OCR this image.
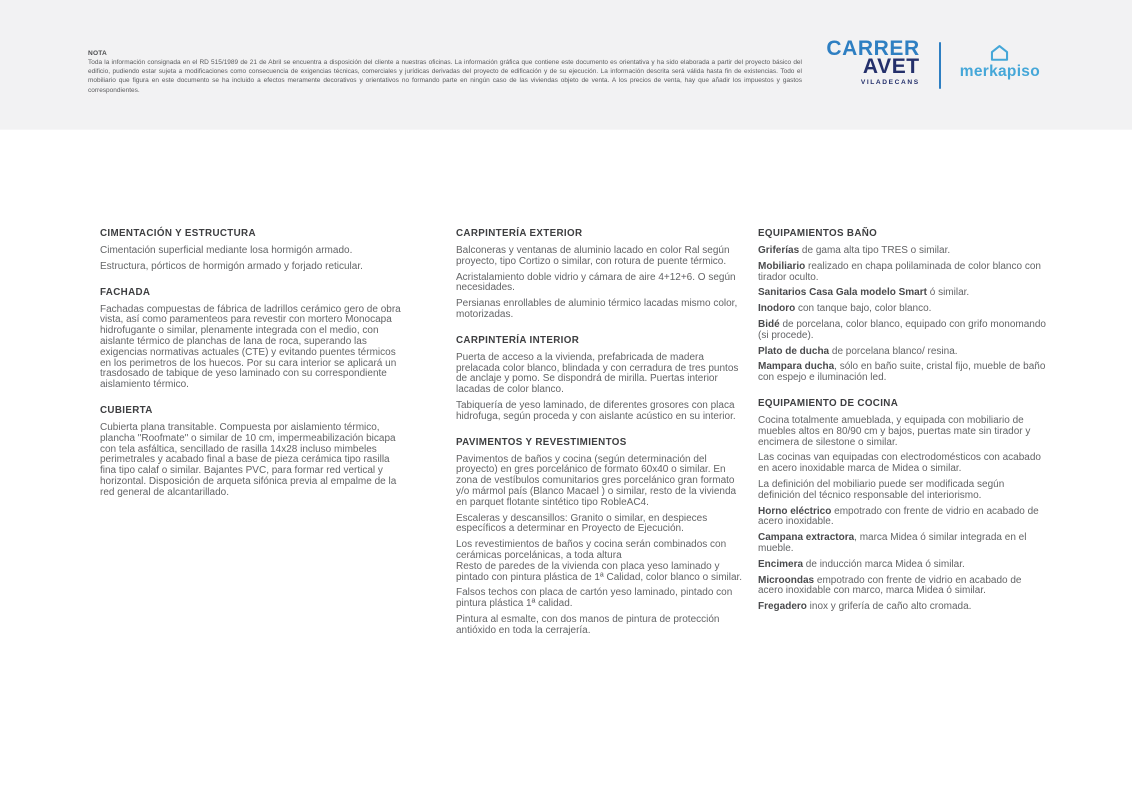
NOTA

Toda la información consignada en el RD 515/1989 de 21 de Abril se encuentra a disposición del cliente a nuestras oficinas. La información gráfica que contiene este documento es orientativa y ha sido elaborada a partir del proyecto básico del edificio, pudiendo estar sujeta a modificaciones como consecuencia de exigencias técnicas, comerciales y jurídicas derivadas del proyecto de edificación y de su ejecución. La información descrita será válida hasta fin de existencias. Todo el mobiliario que figura en este documento se ha incluido a efectos meramente decorativos y orientativos no formando parte en ningún caso de las viviendas objeto de venta. A los precios de venta, hay que añadir los impuestos y gastos correspondientes.

CARRER
AVET
VILADECANS
merkapiso
CIMENTACIÓN Y ESTRUCTURA

Cimentación superficial mediante losa hormigón armado.

Estructura, pórticos de hormigón armado y forjado reticular.

FACHADA

Fachadas compuestas de fábrica de ladrillos cerámico gero de obra vista, así como paramenteos para revestir con mortero Monocapa hidrofugante o similar, plenamente integrada con el medio, con aislante térmico de planchas de lana de roca, superando las exigencias normativas actuales (CTE) y evitando puentes térmicos en los perimetros de los huecos. Por su cara interior se aplicará un trasdosado de tabique de yeso laminado con su correspondiente aislamiento térmico.

CUBIERTA

Cubierta plana transitable. Compuesta por aislamiento térmico, plancha "Roofmate" o similar de 10 cm, impermeabilización bicapa con tela asfáltica, sencillado de rasilla 14x28 incluso mimbeles perimetrales y acabado final a base de pieza cerámica tipo rasilla fina tipo calaf o similar. Bajantes PVC, para formar red vertical y horizontal. Disposición de arqueta sifónica previa al empalme de la red general de alcantarillado.

CARPINTERÍA EXTERIOR

Balconeras y ventanas de aluminio lacado en color Ral según proyecto, tipo Cortizo o similar, con rotura de puente térmico.

Acristalamiento doble vidrio y cámara de aire 4+12+6. O según necesidades.

Persianas enrollables de aluminio térmico lacadas mismo color, motorizadas.

CARPINTERÍA INTERIOR

Puerta de acceso a la vivienda, prefabricada de madera prelacada color blanco, blindada y con cerradura de tres puntos de anclaje y pomo. Se dispondrá de mirilla. Puertas interior lacadas de color blanco.

Tabiquería de yeso laminado, de diferentes grosores con placa hidrofuga, según proceda y con aislante acústico en su interior.

PAVIMENTOS Y REVESTIMIENTOS

Pavimentos de baños y cocina (según determinación del proyecto) en gres porcelánico de formato 60x40 o similar. En zona de vestíbulos comunitarios gres porcelánico gran formato y/o mármol país (Blanco Macael ) o similar, resto de la vivienda en parquet flotante sintético tipo RobleAC4.

Escaleras y descansillos: Granito o similar, en despieces específicos a determinar en Proyecto de Ejecución.

Los revestimientos de baños y cocina serán combinados con cerámicas porcelánicas, a toda altura
Resto de paredes de la vivienda con placa yeso laminado y pintado con pintura plástica de 1ª Calidad, color blanco o similar.

Falsos techos con placa de cartón yeso laminado, pintado con pintura plástica 1ª calidad.

Pintura al esmalte, con dos manos de pintura de protección antióxido en toda la cerrajería.

EQUIPAMIENTOS BAÑO

Griferías de gama alta tipo TRES o similar.

Mobiliario realizado en chapa polilaminada de color blanco con tirador oculto.

Sanitarios Casa Gala modelo Smart ó similar.

Inodoro con tanque bajo, color blanco.

Bidé de porcelana, color blanco, equipado con grifo monomando (si procede).

Plato de ducha de porcelana blanco/ resina.

Mampara ducha, sólo en baño suite, cristal fijo, mueble de baño con espejo e iluminación led.

EQUIPAMIENTO DE COCINA

Cocina totalmente amueblada, y equipada con mobiliario de muebles altos en 80/90 cm y bajos, puertas mate sin tirador y encimera de silestone o similar.

Las cocinas van equipadas con electrodomésticos con acabado en acero inoxidable marca de Midea o similar.

La definición del mobiliario puede ser modificada según definición del técnico responsable del interiorismo.

Horno eléctrico empotrado con frente de vidrio en acabado de acero inoxidable.

Campana extractora, marca Midea ó similar integrada en el mueble.

Encimera de inducción marca Midea ó similar.

Microondas empotrado con frente de vidrio en acabado de acero inoxidable con marco, marca Midea ó similar.

Fregadero inox y grifería de caño alto cromada.
